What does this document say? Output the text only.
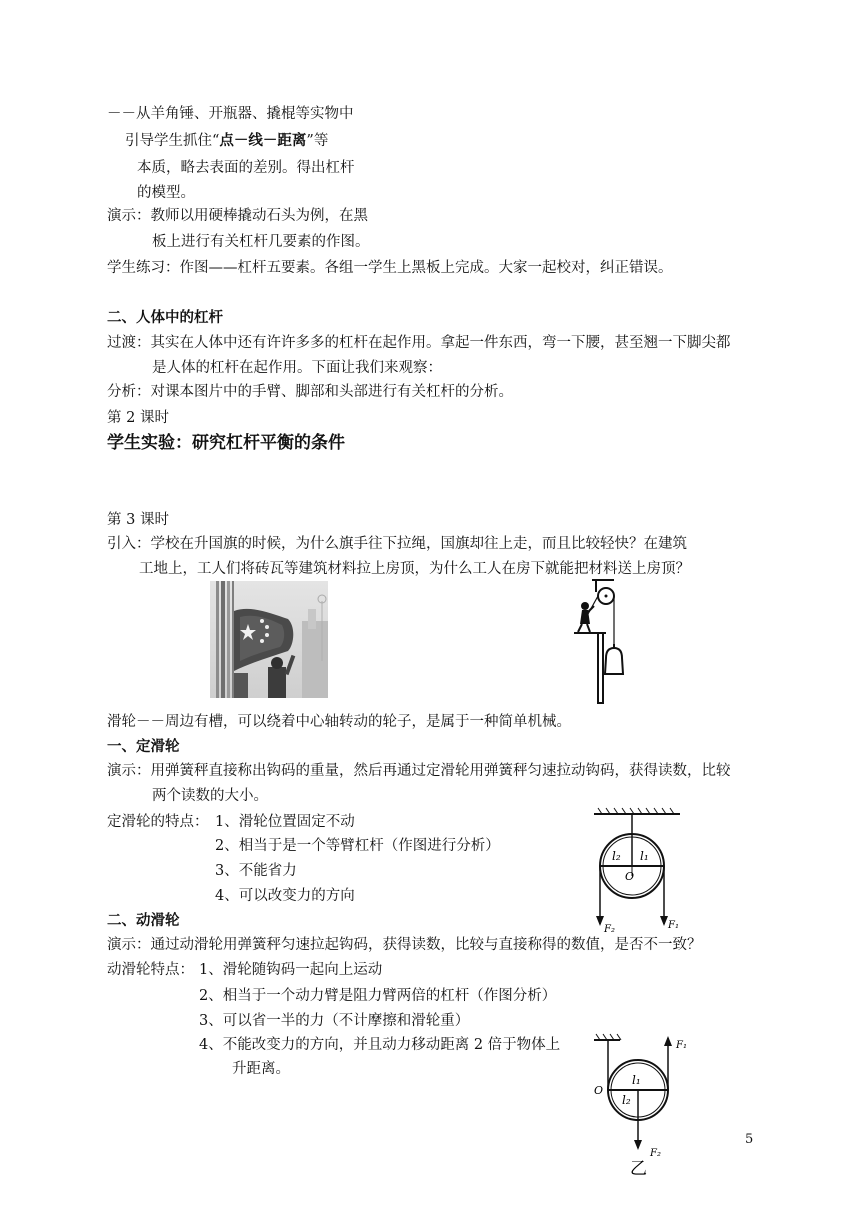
－－从羊角锤、开瓶器、撬棍等实物中
引导学生抓住“点－线－距离”等
本质，略去表面的差别。得出杠杆
的模型。
演示：教师以用硬棒撬动石头为例，在黑
板上进行有关杠杆几要素的作图。
学生练习：作图——杠杆五要素。各组一学生上黑板上完成。大家一起校对，纠正错误。
二、人体中的杠杆
过渡：其实在人体中还有许许多多的杠杆在起作用。拿起一件东西，弯一下腰，甚至翘一下脚尖都
是人体的杠杆在起作用。下面让我们来观察：
分析：对课本图片中的手臂、脚部和头部进行有关杠杆的分析。
第 2 课时
学生实验：研究杠杆平衡的条件
第 3 课时
引入：学校在升国旗的时候，为什么旗手往下拉绳，国旗却往上走，而且比较轻快？在建筑
工地上，工人们将砖瓦等建筑材料拉上房顶，为什么工人在房下就能把材料送上房顶？
滑轮－－周边有槽，可以绕着中心轴转动的轮子，是属于一种简单机械。
一、定滑轮
演示：用弹簧秤直接称出钩码的重量，然后再通过定滑轮用弹簧秤匀速拉动钩码，获得读数，比较
两个读数的大小。
定滑轮的特点： 1、滑轮位置固定不动
2、相当于是一个等臂杠杆（作图进行分析）
3、不能省力
4、可以改变力的方向
l₂ l₁
O
F₂	F₁
二、动滑轮
演示：通过动滑轮用弹簧秤匀速拉起钩码，获得读数，比较与直接称得的数值，是否不一致？
动滑轮特点： 1、滑轮随钩码一起向上运动
2、相当于一个动力臂是阻力臂两倍的杠杆（作图分析）
3、可以省一半的力（不计摩擦和滑轮重）
4、不能改变力的方向，并且动力移动距离 2 倍于物体上
升距离。
F₁
O
l₁
l₂
F₂
乙
5
